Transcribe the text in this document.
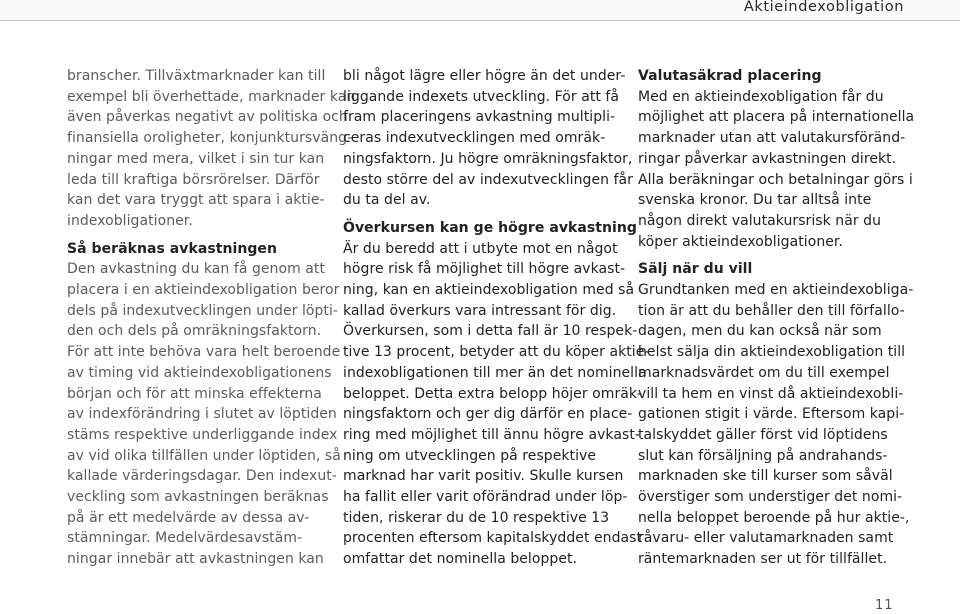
Aktieindexobligation
branscher. Tillväxtmarknader kan till
exempel bli överhettade, marknader kan
även påverkas negativt av politiska och
finansiella oroligheter, konjunktursväng-
ningar med mera, vilket i sin tur kan
leda till kraftiga börsrörelser. Därför
kan det vara tryggt att spara i aktie-
indexobligationer.
Så beräknas avkastningen
Den avkastning du kan få genom att
placera i en aktieindexobligation beror
dels på indexutvecklingen under löpti-
den och dels på omräkningsfaktorn.
För att inte behöva vara helt beroende
av timing vid aktieindexobligationens
början och för att minska effekterna
av indexförändring i slutet av löptiden
stäms respektive underliggande index
av vid olika tillfällen under löptiden, så
kallade värderingsdagar. Den indexut-
veckling som avkastningen beräknas
på är ett medelvärde av dessa av-
stämningar. Medelvärdesavstäm-
ningar innebär att avkastningen kan
bli något lägre eller högre än det under-
liggande indexets utveckling. För att få
fram placeringens avkastning multipli-
ceras indexutvecklingen med omräk-
ningsfaktorn. Ju högre omräkningsfaktor,
desto större del av indexutvecklingen får
du ta del av.
Överkursen kan ge högre avkastning
Är du beredd att i utbyte mot en något
högre risk få möjlighet till högre avkast-
ning, kan en aktieindexobligation med så
kallad överkurs vara intressant för dig.
Överkursen, som i detta fall är 10 respek-
tive 13 procent, betyder att du köper aktie-
indexobligationen till mer än det nominella
beloppet. Detta extra belopp höjer omräk-
ningsfaktorn och ger dig därför en place-
ring med möjlighet till ännu högre avkast-
ning om utvecklingen på respektive
marknad har varit positiv. Skulle kursen
ha fallit eller varit oförändrad under löp-
tiden, riskerar du de 10 respektive 13
procenten eftersom kapitalskyddet endast
omfattar det nominella beloppet.
Valutasäkrad placering
Med en aktieindexobligation får du
möjlighet att placera på internationella
marknader utan att valutakursföränd-
ringar påverkar avkastningen direkt.
Alla beräkningar och betalningar görs i
svenska kronor. Du tar alltså inte
någon direkt valutakursrisk när du
köper aktieindexobligationer.
Sälj när du vill
Grundtanken med en aktieindexobliga-
tion är att du behåller den till förfallo-
dagen, men du kan också när som
helst sälja din aktieindexobligation till
marknadsvärdet om du till exempel
vill ta hem en vinst då aktieindexobli-
gationen stigit i värde. Eftersom kapi-
talskyddet gäller först vid löptidens
slut kan försäljning på andrahands-
marknaden ske till kurser som såväl
överstiger som understiger det nomi-
nella beloppet beroende på hur aktie-,
råvaru- eller valutamarknaden samt
räntemarknaden ser ut för tillfället.
11
